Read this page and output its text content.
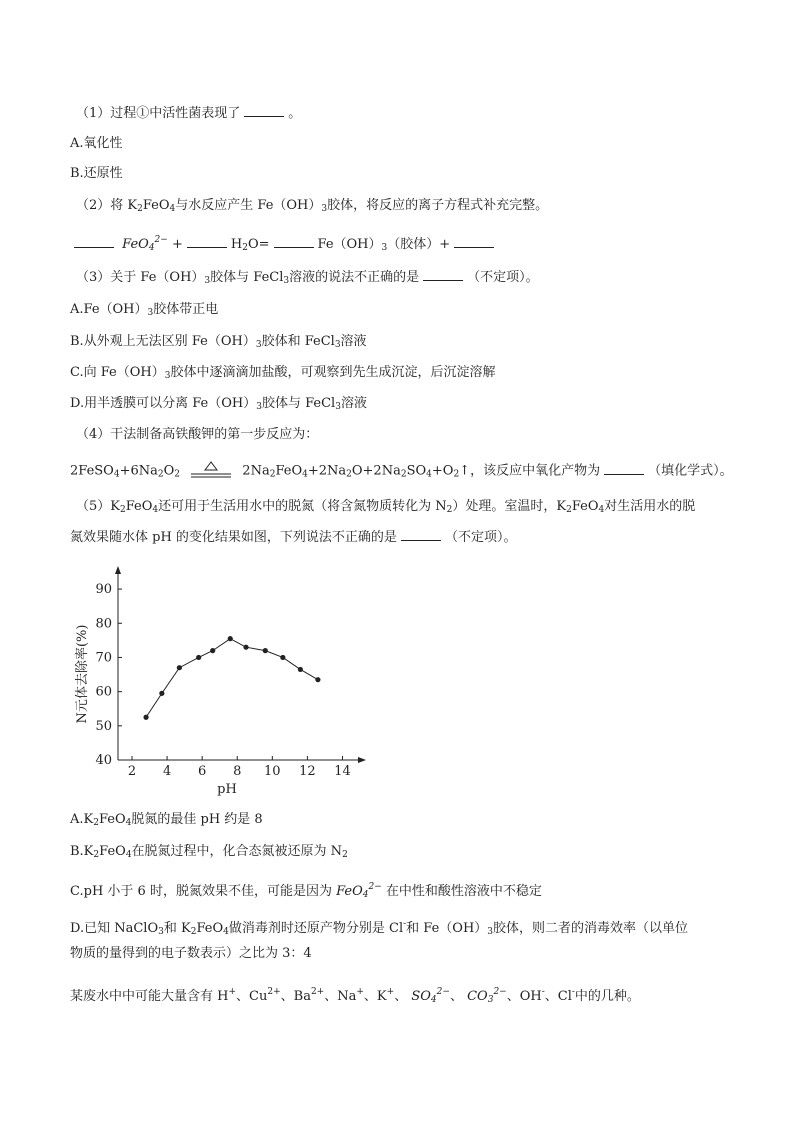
（1）过程①中活性菌表现了	。
A.氧化性
B.还原性
（2）将 $K_2FeO_4$与水反应产生 $Fe(OH)_3$胶体，将反应的离子方程式补充完整。
FeO$_4^{2-}$ +	$H_2O=$	$Fe(OH)_3$（胶体）+
（3）关于 $Fe(OH)_3$胶体与 FeCl$_3$溶液的说法不正确的是	（不定项）。
$A.Fe(OH)_3$胶体带正电
B.从外观上无法区别 $Fe(OH)_3$胶体和 FeCl$_3$溶液
C.向 $Fe(OH)_3$胶体中逐滴滴加盐酸，可观察到先生成沉淀，后沉淀溶解
D.用半透膜可以分离 $Fe(OH)_3$胶体与 FeCl$_3$溶液
（4）干法制备高铁酸钾的第一步反应为：
$2FeSO_4+6Na_2O_2$	$2Na_2FeO_4+2Na_2O+2Na_2SO_4+O_2↑$，该反应中氧化产物为	（填化学式）。
$(5)K_2FeO_4$还可用于生活用水中的脱氮（将含氮物质转化为 $N_2$）处理。室温时，$K_2FeO_4$对生活用水的脱
氮效果随水体 pH 的变化结果如图，下列说法不正确的是	（不定项）。
2 4 6 8 10 12 14
40
50
60
70
80
90
pH
N元体去除率(%)
$A.K_2FeO_4$脱氮的最佳 pH 约是 8
$B.K_2FeO_4$在脱氮过程中，化合态氮被还原为 $N_2$
C.pH 小于 6 时，脱氮效果不佳，可能是因为 FeO$_4^{2-}$ 在中性和酸性溶液中不稳定
D.已知 NaClO$_3$和 $K_2FeO_4$做消毒剂时还原产物分别是 Cl-和 $Fe(OH)_3$胶体，则二者的消毒效率（以单位
物质的量得到的电子数表示）之比为 3：4
某废水中中可能大量含有 H+、$Cu^{2+}$、$Ba^{2+}$、Na+、K+、 $SO_4^{2-}$、 $CO_3^{2-}$、OH-、Cl-中的几种。
